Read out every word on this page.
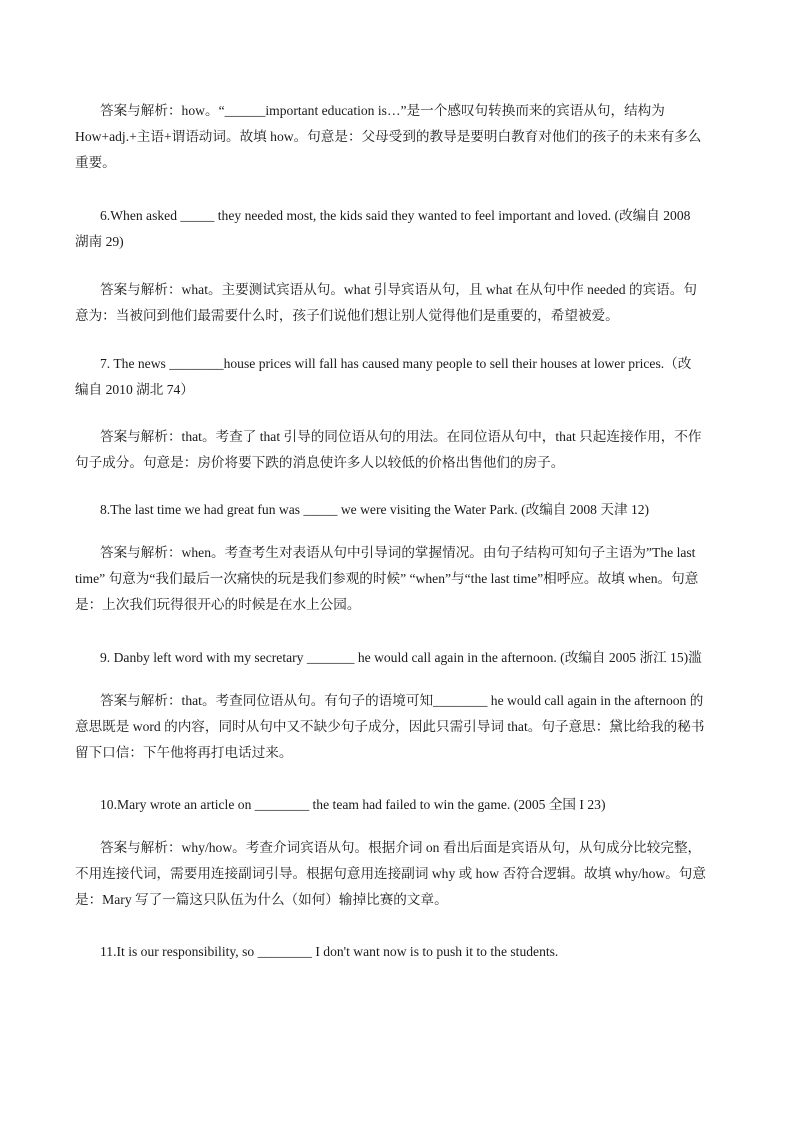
答案与解析：how。“______important education is…”是一个感叹句转换而来的宾语从句，结构为
How+adj.+主语+谓语动词。故填 how。句意是：父母受到的教导是要明白教育对他们的孩子的未来有多么
重要。
6.When asked _____ they needed most, the kids said they wanted to feel important and loved. (改编自 2008
湖南 29)
答案与解析：what。主要测试宾语从句。what 引导宾语从句，且 what 在从句中作 needed 的宾语。句
意为：当被问到他们最需要什么时，孩子们说他们想让别人觉得他们是重要的，希望被爱。
7. The news ________house prices will fall has caused many people to sell their houses at lower prices.（改
编自 2010 湖北 74）
答案与解析：that。考查了 that 引导的同位语从句的用法。在同位语从句中，that 只起连接作用，不作
句子成分。句意是：房价将要下跌的消息使许多人以较低的价格出售他们的房子。
8.The last time we had great fun was _____ we were visiting the Water Park. (改编自 2008 天津 12)
答案与解析：when。考查考生对表语从句中引导词的掌握情况。由句子结构可知句子主语为”The last
time” 句意为“我们最后一次痛快的玩是我们参观的时候” “when”与“the last time”相呼应。故填 when。句意
是：上次我们玩得很开心的时候是在水上公园。
9. Danby left word with my secretary _______ he would call again in the afternoon. (改编自 2005 浙江 15)滥
答案与解析：that。考查同位语从句。有句子的语境可知________ he would call again in the afternoon 的
意思既是 word 的内容，同时从句中又不缺少句子成分，因此只需引导词 that。句子意思：黛比给我的秘书
留下口信：下午他将再打电话过来。
10.Mary wrote an article on ________ the team had failed to win the game. (2005 全国 I 23)
答案与解析：why/how。考查介词宾语从句。根据介词 on 看出后面是宾语从句，从句成分比较完整，
不用连接代词，需要用连接副词引导。根据句意用连接副词 why 或 how 否符合逻辑。故填 why/how。句意
是：Mary 写了一篇这只队伍为什么（如何）输掉比赛的文章。
11.It is our responsibility, so ________ I don't want now is to push it to the students.
